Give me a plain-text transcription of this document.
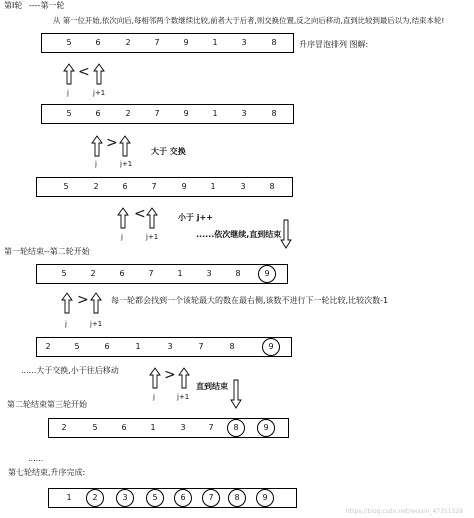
第I轮 ----第一轮
从 第一位开始,依次向后,每相邻两个数继续比较,前者大于后者,则交换位置,反之向后移动,直到比较到最后以为,结束本轮!
升序冒泡排列 图解:
大于 交换
小于 j++
......依次继续,直到结束
第一轮结束--第二轮开始
每一轮都会找到一个该轮最大的数在最右侧,该数不进行下一轮比较,比较次数-1
......大于交换,小于往后移动
直到结束
第二轮结束第三轮开始
......
第七轮结束,升序完成:
https://blog.csdn.net/weixin_47351528
5	6	2	7	9	1	3	8
5	6	2	7	9	1	3	8
5	2	6	7	9	1	3	8
5	2	6	7	1	3	8	9
2	5	6	1	3	7	8	9
2	5	6	1	3	7	8	9
1	2	3	5	6	7	8	9
<
>
<
>
>
j	j+1
j	j+1
j	j+1
j	j+1
j	j+1
